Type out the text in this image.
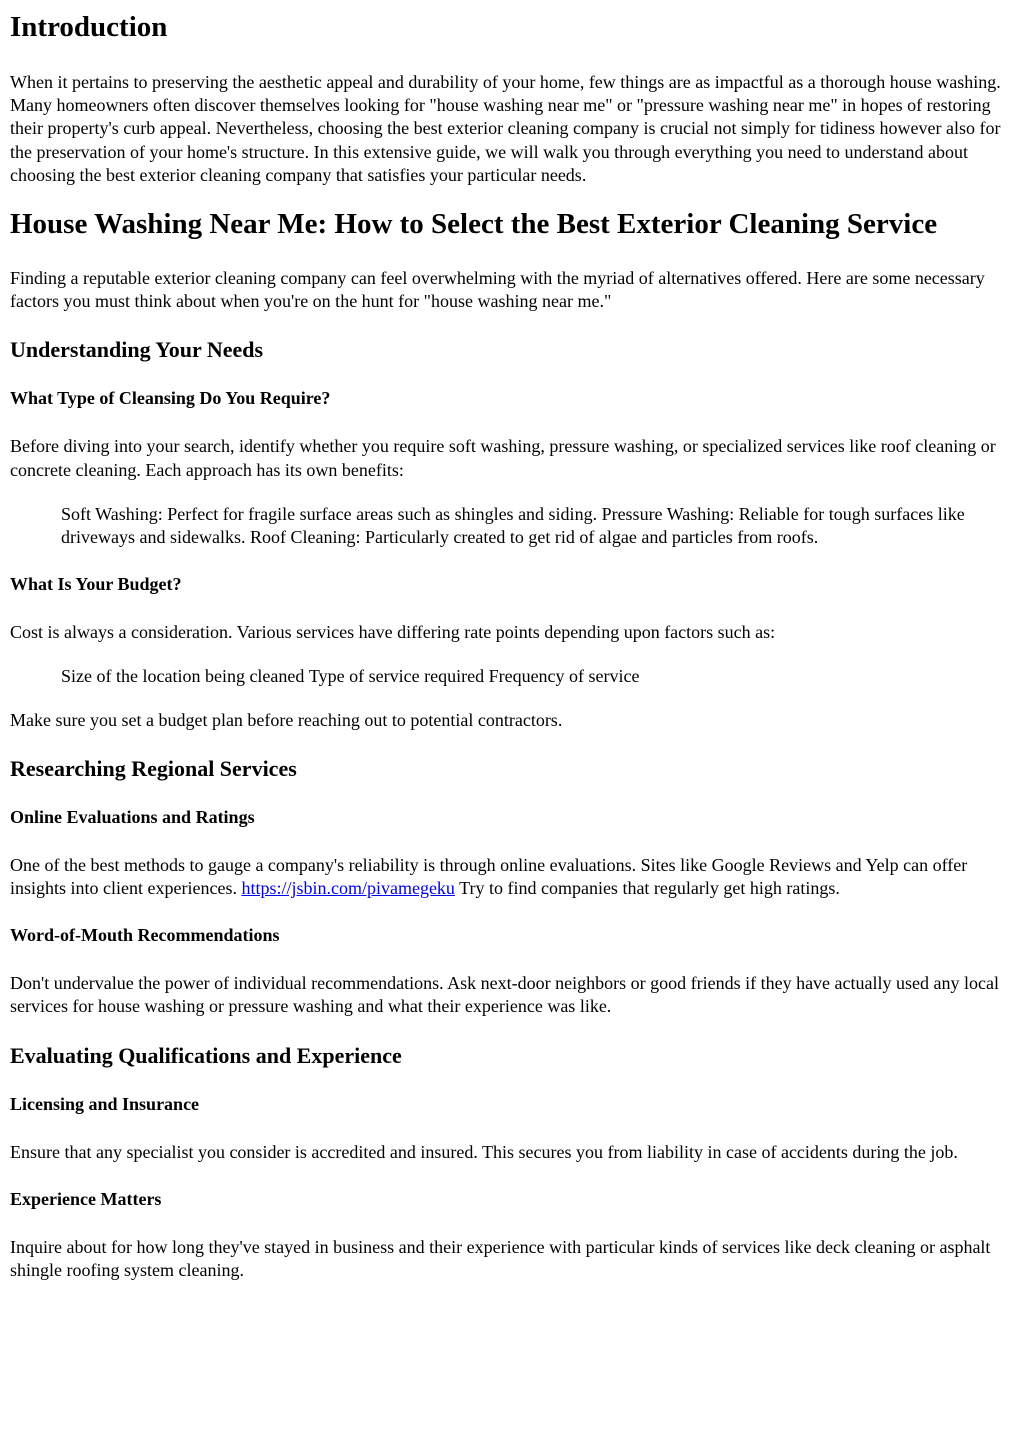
Introduction

When it pertains to preserving the aesthetic appeal and durability of your home, few things are as impactful as a thorough house washing. Many homeowners often discover themselves looking for "house washing near me" or "pressure washing near me" in hopes of restoring their property's curb appeal. Nevertheless, choosing the best exterior cleaning company is crucial not simply for tidiness however also for the preservation of your home's structure. In this extensive guide, we will walk you through everything you need to understand about choosing the best exterior cleaning company that satisfies your particular needs.

House Washing Near Me: How to Select the Best Exterior Cleaning Service

Finding a reputable exterior cleaning company can feel overwhelming with the myriad of alternatives offered. Here are some necessary factors you must think about when you're on the hunt for "house washing near me."

Understanding Your Needs
What Type of Cleansing Do You Require?

Before diving into your search, identify whether you require soft washing, pressure washing, or specialized services like roof cleaning or concrete cleaning. Each approach has its own benefits:

Soft Washing: Perfect for fragile surface areas such as shingles and siding. Pressure Washing: Reliable for tough surfaces like driveways and sidewalks. Roof Cleaning: Particularly created to get rid of algae and particles from roofs.
What Is Your Budget?

Cost is always a consideration. Various services have differing rate points depending upon factors such as:

Size of the location being cleaned Type of service required Frequency of service

Make sure you set a budget plan before reaching out to potential contractors.

Researching Regional Services
Online Evaluations and Ratings

One of the best methods to gauge a company's reliability is through online evaluations. Sites like Google Reviews and Yelp can offer insights into client experiences. https://jsbin.com/pivamegeku Try to find companies that regularly get high ratings.

Word-of-Mouth Recommendations

Don't undervalue the power of individual recommendations. Ask next-door neighbors or good friends if they have actually used any local services for house washing or pressure washing and what their experience was like.

Evaluating Qualifications and Experience
Licensing and Insurance

Ensure that any specialist you consider is accredited and insured. This secures you from liability in case of accidents during the job.

Experience Matters

Inquire about for how long they've stayed in business and their experience with particular kinds of services like deck cleaning or asphalt shingle roofing system cleaning.
